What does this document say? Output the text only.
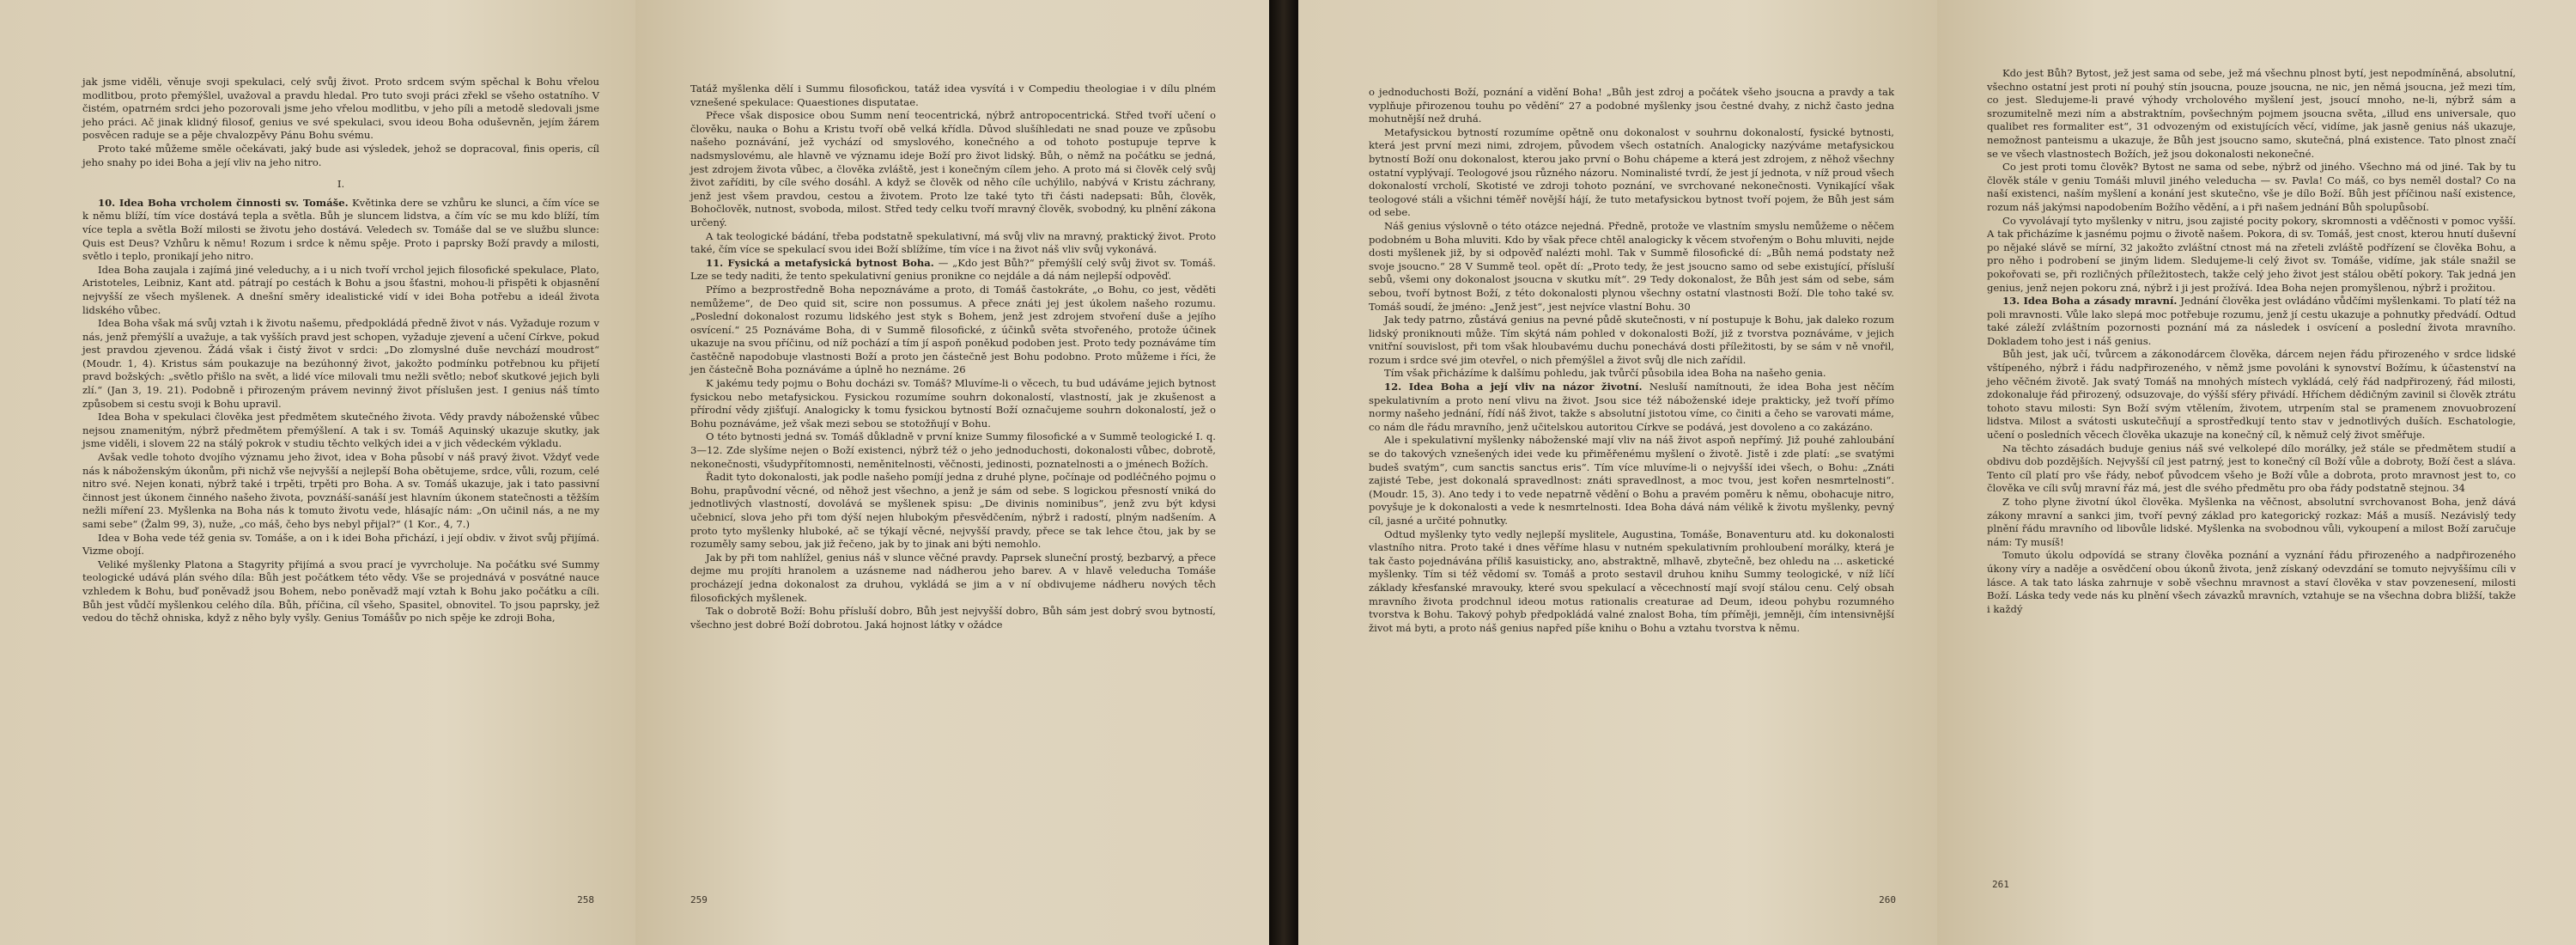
jak jsme viděli, věnuje svoji spekulaci, celý svůj život. Proto srdcem svým spěchal k Bohu vřelou modlitbou, proto přemýšlel, uvažoval a pravdu hledal. Pro tuto svoji práci zřekl se všeho ostatního. V čistém, opatrném srdci jeho pozorovali jsme jeho vřelou modlitbu, v jeho píli a metodě sledovali jsme jeho práci. Ač jinak klidný filosof, genius ve své spekulaci, svou ideou Boha oduševněn, jejím žárem posvěcen raduje se a pěje chvalozpěvy Pánu Bohu svému.

Proto také můžeme směle očekávati, jaký bude asi výsledek, jehož se dopracoval, finis operis, cíl jeho snahy po idei Boha a její vliv na jeho nitro.

I.

10. Idea Boha vrcholem činnosti sv. Tomáše. Květinka dere se vzhůru ke slunci, a čím více se k němu blíží, tím více dostává tepla a světla. Bůh je sluncem lidstva, a čím víc se mu kdo blíží, tím více tepla a světla Boží milosti se životu jeho dostává. Veledech sv. Tomáše dal se ve službu slunce: Quis est Deus? Vzhůru k němu! Rozum i srdce k němu spěje. Proto i paprsky Boží pravdy a milosti, světlo i teplo, pronikají jeho nitro.

Idea Boha zaujala i zajímá jiné veleduchy, a i u nich tvoří vrchol jejich filosofické spekulace, Plato, Aristoteles, Leibniz, Kant atd. pátrají po cestách k Bohu a jsou šťastni, mohou-li přispěti k objasnění nejvyšší ze všech myšlenek. A dnešní směry idealistické vidí v idei Boha potřebu a ideál života lidského vůbec.

Idea Boha však má svůj vztah i k životu našemu, předpokládá předně život v nás. Vyžaduje rozum v nás, jenž přemýšlí a uvažuje, a tak vyšších pravd jest schopen, vyžaduje zjevení a učení Církve, pokud jest pravdou zjevenou. Žádá však i čistý život v srdci: „Do zlomyslné duše nevchází moudrost“ (Moudr. 1, 4). Kristus sám poukazuje na bezúhonný život, jakožto podmínku potřebnou ku přijetí pravd božských: „světlo přišlo na svět, a lidé více milovali tmu nežli světlo; neboť skutkové jejich byli zlí.“ (Jan 3, 19. 21). Podobně i přirozeným právem nevinný život příslušen jest. I genius náš tímto způsobem si cestu svoji k Bohu upravil.

Idea Boha v spekulaci člověka jest předmětem skutečného života. Vědy pravdy náboženské vůbec nejsou znamenitým, nýbrž předmětem přemýšlení. A tak i sv. Tomáš Aquinský ukazuje skutky, jak jsme viděli, i slovem 22 na stálý pokrok v studiu těchto velkých idei a v jich vědeckém výkladu.

Avšak vedle tohoto dvojího významu jeho život, idea v Boha působí v náš pravý život. Vždyť vede nás k náboženským úkonům, při nichž vše nejvyšší a nejlepší Boha obětujeme, srdce, vůli, rozum, celé nitro své. Nejen konati, nýbrž také i trpěti, trpěti pro Boha. A sv. Tomáš ukazuje, jak i tato passivní činnost jest úkonem činného našeho života, povznáší-sanáší jest hlavním úkonem statečnosti a těžším nežli míření 23. Myšlenka na Boha nás k tomuto životu vede, hlásajíc nám: „On učinil nás, a ne my sami sebe“ (Žalm 99, 3), nuže, „co máš, čeho bys nebyl přijal?“ (1 Kor., 4, 7.)

Idea v Boha vede též genia sv. Tomáše, a on i k idei Boha přichází, i její obdiv. v život svůj přijímá. Vizme obojí.

Veliké myšlenky Platona a Stagyrity přijímá a svou prací je vyvrcholuje. Na počátku své Summy teologické udává plán svého díla: Bůh jest počátkem této vědy. Vše se projednává v posvátné nauce vzhledem k Bohu, buď poněvadž jsou Bohem, nebo poněvadž mají vztah k Bohu jako počátku a cíli. Bůh jest vůdčí myšlenkou celého díla. Bůh, příčina, cíl všeho, Spasitel, obnovitel. To jsou paprsky, jež vedou do těchž ohniska, když z něho byly vyšly. Genius Tomášův po nich spěje ke zdroji Boha,

258

Tatáž myšlenka dělí i Summu filosofickou, tatáž idea vysvítá i v Compediu theologiae i v dílu plném vznešené spekulace: Quaestiones disputatae.

Přece však disposice obou Summ není teocentrická, nýbrž antropocentrická. Střed tvoří učení o člověku, nauka o Bohu a Kristu tvoří obě velká křídla. Důvod slušíhledati ne snad pouze ve způsobu našeho poznávání, jež vychází od smyslového, konečného a od tohoto postupuje teprve k nadsmyslovému, ale hlavně ve významu ideje Boží pro život lidský. Bůh, o němž na počátku se jedná, jest zdrojem života vůbec, a člověka zvláště, jest i konečným cílem jeho. A proto má si člověk celý svůj život zaříditi, by cíle svého dosáhl. A když se člověk od něho cíle uchýlilo, nabývá v Kristu záchrany, jenž jest všem pravdou, cestou a životem. Proto lze také tyto tři části nadepsati: Bůh, člověk, Bohočlověk, nutnost, svoboda, milost. Střed tedy celku tvoří mravný člověk, svobodný, ku plnění zákona určený.

A tak teologické bádání, třeba podstatně spekulativní, má svůj vliv na mravný, praktický život. Proto také, čím více se spekulací svou idei Boží sblížíme, tím více i na život náš vliv svůj vykonává.

11. Fysická a metafysická bytnost Boha. — „Kdo jest Bůh?“ přemýšlí celý svůj život sv. Tomáš. Lze se tedy naditi, že tento spekulativní genius pronikne co nejdále a dá nám nejlepší odpověď.

Přímo a bezprostředně Boha nepoznáváme a proto, di Tomáš častokráte, „o Bohu, co jest, věděti nemůžeme“, de Deo quid sit, scire non possumus. A přece znáti jej jest úkolem našeho rozumu. „Poslední dokonalost rozumu lidského jest styk s Bohem, jenž jest zdrojem stvoření duše a jejího osvícení.“ 25 Poznáváme Boha, di v Summě filosofické, z účinků světa stvořeného, protože účinek ukazuje na svou příčinu, od níž pochází a tím jí aspoň poněkud podoben jest. Proto tedy poznáváme tím častěčně napodobuje vlastnosti Boží a proto jen částečně jest Bohu podobno. Proto můžeme i říci, že jen částečně Boha poznáváme a úplně ho neznáme. 26

K jakému tedy pojmu o Bohu docházi sv. Tomáš? Mluvíme-li o věcech, tu bud udáváme jejich bytnost fysickou nebo metafysickou. Fysickou rozumíme souhrn dokonalostí, vlastností, jak je zkušenost a přírodní vědy zjišťují. Analogicky k tomu fysickou bytností Boží označujeme souhrn dokonalostí, jež o Bohu poznáváme, jež však mezi sebou se stotožňují v Bohu.

O této bytnosti jedná sv. Tomáš důkladně v první knize Summy filosofické a v Summě teologické I. q. 3—12. Zde slyšíme nejen o Boží existenci, nýbrž též o jeho jednoduchosti, dokonalosti vůbec, dobrotě, nekonečnosti, všudypřítomnosti, neměnitelnosti, věčnosti, jedinosti, poznatelnosti a o jménech Božích.

Řadit tyto dokonalosti, jak podle našeho pomíjí jedna z druhé plyne, počínaje od podléčného pojmu o Bohu, prapůvodní věcné, od něhož jest všechno, a jenž je sám od sebe. S logickou přesností vniká do jednotlivých vlastností, dovolává se myšlenek spisu: „De divinis nominibus“, jenž zvu být kdysi učebnicí, slova jeho při tom dýší nejen hlubokým přesvědčením, nýbrž i radostí, plným nadšením. A proto tyto myšlenky hluboké, ač se týkají věcné, nejvyšší pravdy, přece se tak lehce čtou, jak by se rozuměly samy sebou, jak již řečeno, jak by to jinak ani býti nemohlo.

Jak by při tom nahlížel, genius náš v slunce věčné pravdy. Paprsek sluneční prostý, bezbarvý, a přece dejme mu projíti hranolem a uzásneme nad nádherou jeho barev. A v hlavě veleducha Tomáše procházejí jedna dokonalost za druhou, vykládá se jim a v ní obdivujeme nádheru nových těch filosofických myšlenek.

Tak o dobrotě Boží: Bohu přísluší dobro, Bůh jest nejvyšší dobro, Bůh sám jest dobrý svou bytností, všechno jest dobré Boží dobrotou. Jaká hojnost látky v ožádce

259

o jednoduchosti Boží, poznání a vidění Boha! „Bůh jest zdroj a počátek všeho jsoucna a pravdy a tak vyplňuje přirozenou touhu po vědění“ 27 a podobné myšlenky jsou čestné dvahy, z nichž často jedna mohutnější než druhá.

Metafysickou bytností rozumíme opětně onu dokonalost v souhrnu dokonalostí, fysické bytnosti, která jest první mezi nimi, zdrojem, původem všech ostatních. Analogicky nazýváme metafysickou bytností Boží onu dokonalost, kterou jako první o Bohu chápeme a která jest zdrojem, z něhož všechny ostatní vyplývají. Teologové jsou různého názoru. Nominalisté tvrdí, že jest jí jednota, v níž proud všech dokonalostí vrcholí, Skotisté ve zdroji tohoto poznání, ve svrchované nekonečnosti. Vynikající však teologové stáli a všichni téměř novější hájí, že tuto metafysickou bytnost tvoří pojem, že Bůh jest sám od sebe.

Náš genius výslovně o této otázce nejedná. Předně, protože ve vlastním smyslu nemůžeme o něčem podobném u Boha mluviti. Kdo by však přece chtěl analogicky k věcem stvořeným o Bohu mluviti, nejde dosti myšlenek již, by si odpověď nalézti mohl. Tak v Summě filosofické dí: „Bůh nemá podstaty než svoje jsoucno.“ 28 V Summě teol. opět dí: „Proto tedy, že jest jsoucno samo od sebe existující, přísluší sebů, všemi ony dokonalost jsoucna v skutku mít“. 29 Tedy dokonalost, že Bůh jest sám od sebe, sám sebou, tvoří bytnost Boží, z této dokonalosti plynou všechny ostatní vlastnosti Boží. Dle toho také sv. Tomáš soudí, že jméno: „Jenž jest“, jest nejvíce vlastní Bohu. 30

Jak tedy patrno, zůstává genius na pevné půdě skutečnosti, v ní postupuje k Bohu, jak daleko rozum lidský proniknouti může. Tím skýtá nám pohled v dokonalosti Boží, již z tvorstva poznáváme, v jejich vnitřní souvislost, při tom však hloubavému duchu ponechává dosti příležitosti, by se sám v ně vnořil, rozum i srdce své jim otevřel, o nich přemýšlel a život svůj dle nich zařídil.

Tím však přicházíme k dalšímu pohledu, jak tvůrčí působila idea Boha na našeho genia.

12. Idea Boha a její vliv na názor životní. Nesluší namítnouti, že idea Boha jest něčím spekulativním a proto není vlivu na život. Jsou sice též náboženské ideje prakticky, jež tvoří přímo normy našeho jednání, řídí náš život, takže s absolutní jistotou víme, co činiti a čeho se varovati máme, co nám dle řádu mravního, jenž učitelskou autoritou Církve se podává, jest dovoleno a co zakázáno.

Ale i spekulativní myšlenky náboženské mají vliv na náš život aspoň nepřímý. Již pouhé zahloubání se do takových vznešených idei vede ku přiměřenému myšlení o životě. Jistě i zde platí: „se svatými budeš svatým“, cum sanctis sanctus eris“. Tím více mluvíme-li o nejvyšší idei všech, o Bohu: „Znáti zajisté Tebe, jest dokonalá spravedlnost: znáti spravedlnost, a moc tvou, jest kořen nesmrtelnosti“. (Moudr. 15, 3). Ano tedy i to vede nepatrně vědění o Bohu a pravém poměru k němu, obohacuje nitro, povyšuje je k dokonalosti a vede k nesmrtelnosti. Idea Boha dává nám vélikě k životu myšlenky, pevný cíl, jasné a určité pohnutky.

Odtud myšlenky tyto vedly nejlepší myslitele, Augustina, Tomáše, Bonaventuru atd. ku dokonalosti vlastního nitra. Proto také i dnes věříme hlasu v nutném spekulativním prohloubení morálky, která je tak často pojednávána příliš kasuisticky, ano, abstraktně, mlhavě, zbytečně, bez ohledu na ... asketické myšlenky. Tím si též vědomí sv. Tomáš a proto sestavil druhou knihu Summy teologické, v níž líčí základy křesťanské mravouky, které svou spekulací a věcechností mají svojí stálou cenu. Celý obsah mravního života prodchnul ideou motus rationalis creaturae ad Deum, ideou pohybu rozumného tvorstva k Bohu. Takový pohyb předpokládá valné znalost Boha, tím příměji, jemněji, čím intensivnější život má byti, a proto náš genius napřed píše knihu o Bohu a vztahu tvorstva k němu.

260

Kdo jest Bůh? Bytost, jež jest sama od sebe, jež má všechnu plnost bytí, jest nepodmíněná, absolutní, všechno ostatní jest proti ní pouhý stín jsoucna, pouze jsoucna, ne nic, jen němá jsoucna, jež mezi tím, co jest. Sledujeme-li pravé výhody vrcholového myšlení jest, jsoucí mnoho, ne-li, nýbrž sám a srozumitelně mezi ním a abstraktním, povšechným pojmem jsoucna světa, „illud ens universale, quo qualibet res formaliter est“, 31 odvozeným od existujících věcí, vidíme, jak jasně genius náš ukazuje, nemožnost panteismu a ukazuje, že Bůh jest jsoucno samo, skutečná, plná existence. Tato plnost značí se ve všech vlastnostech Božích, jež jsou dokonalosti nekonečné.

Co jest proti tomu člověk? Bytost ne sama od sebe, nýbrž od jiného. Všechno má od jiné. Tak by tu člověk stále v geniu Tomáši mluvil jiného veleducha — sv. Pavla! Co máš, co bys neměl dostal? Co na naší existenci, naším myšlení a konání jest skutečno, vše je dílo Boží. Bůh jest příčinou naší existence, rozum náš jakýmsi napodobením Božího vědění, a i při našem jednání Bůh spolupůsobí.

Co vyvolávají tyto myšlenky v nitru, jsou zajisté pocity pokory, skromnosti a vděčnosti v pomoc vyšší. A tak přicházíme k jasnému pojmu o životě našem. Pokora, di sv. Tomáš, jest cnost, kterou hnutí duševní po nějaké slávě se mírní, 32 jakožto zvláštní ctnost má na zřeteli zvláště podřízení se člověka Bohu, a pro něho i podrobení se jiným lidem. Sledujeme-li celý život sv. Tomáše, vidíme, jak stále snažil se pokořovati se, při rozličných příležitostech, takže celý jeho život jest stálou obětí pokory. Tak jedná jen genius, jenž nejen pokoru zná, nýbrž i ji jest prožívá. Idea Boha nejen promyšlenou, nýbrž i prožitou.

13. Idea Boha a zásady mravní. Jednání člověka jest ovládáno vůdčími myšlenkami. To platí též na poli mravnosti. Vůle lako slepá moc potřebuje rozumu, jenž jí cestu ukazuje a pohnutky předvádí. Odtud také záleží zvláštním pozornosti poznání má za následek i osvícení a poslední života mravního. Dokladem toho jest i náš genius.

Bůh jest, jak učí, tvůrcem a zákonodárcem člověka, dárcem nejen řádu přirozeného v srdce lidské vštípeného, nýbrž i řádu nadpřirozeného, v němž jsme povoláni k synovství Božímu, k účastenství na jeho věčném životě. Jak svatý Tomáš na mnohých místech vykládá, celý řád nadpřirozený, řád milosti, zdokonaluje řád přirozený, odsuzovaje, do výšší sféry přivádí. Hříchem dědičným zavinil si člověk ztrátu tohoto stavu milosti: Syn Boží svým vtělením, životem, utrpením stal se pramenem znovuobrození lidstva. Milost a svátosti uskutečňují a sprostředkují tento stav v jednotlivých duších. Eschatologie, učení o posledních věcech člověka ukazuje na konečný cíl, k němuž celý život směřuje.

Na těchto zásadách buduje genius náš své velkolepé dílo morálky, jež stále se předmětem studií a obdivu dob pozdějších. Nejvyšší cíl jest patrný, jest to konečný cíl Boží vůle a dobroty, Boží čest a sláva. Tento cíl platí pro vše řády, neboť původcem všeho je Boží vůle a dobrota, proto mravnost jest to, co člověka ve cíli svůj mravní řáz má, jest dle svého předmětu pro oba řády podstatně stejnou. 34

Z toho plyne životní úkol člověka. Myšlenka na věčnost, absolutní svrchovanost Boha, jenž dává zákony mravní a sankci jim, tvoří pevný základ pro kategorický rozkaz: Máš a musíš. Nezávislý tedy plnění řádu mravního od libovůle lidské. Myšlenka na svobodnou vůli, vykoupení a milost Boží zaručuje nám: Ty musíš!

Tomuto úkolu odpovídá se strany člověka poznání a vyznání řádu přirozeného a nadpřirozeného úkony víry a naděje a osvědčení obou úkonů života, jenž získaný odevzdání se tomuto nejvyššímu cíli v lásce. A tak tato láska zahrnuje v sobě všechnu mravnost a staví člověka v stav povzenesení, milosti Boží. Láska tedy vede nás ku plnění všech závazků mravních, vztahuje se na všechna dobra bližší, takže i každý

261
